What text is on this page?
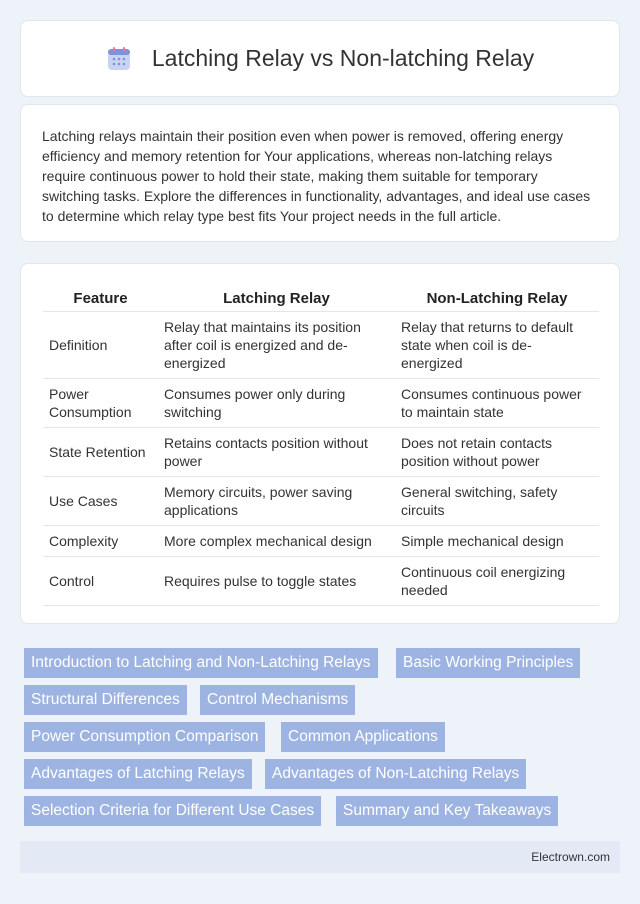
Latching Relay vs Non-latching Relay

Latching relays maintain their position even when power is removed, offering energy efficiency and memory retention for Your applications, whereas non-latching relays require continuous power to hold their state, making them suitable for temporary switching tasks. Explore the differences in functionality, advantages, and ideal use cases to determine which relay type best fits Your project needs in the full article.

Feature	Latching Relay	Non-Latching Relay
Definition	Relay that maintains its position after coil is energized and de-energized	Relay that returns to default state when coil is de-energized
Power Consumption	Consumes power only during switching	Consumes continuous power to maintain state
State Retention	Retains contacts position without power	Does not retain contacts position without power
Use Cases	Memory circuits, power saving applications	General switching, safety circuits
Complexity	More complex mechanical design	Simple mechanical design
Control	Requires pulse to toggle states	Continuous coil energizing needed
Introduction to Latching and Non-Latching Relays	Basic Working Principles
Structural Differences	Control Mechanisms
Power Consumption Comparison	Common Applications
Advantages of Latching Relays	Advantages of Non-Latching Relays
Selection Criteria for Different Use Cases	Summary and Key Takeaways
Electrown.com
